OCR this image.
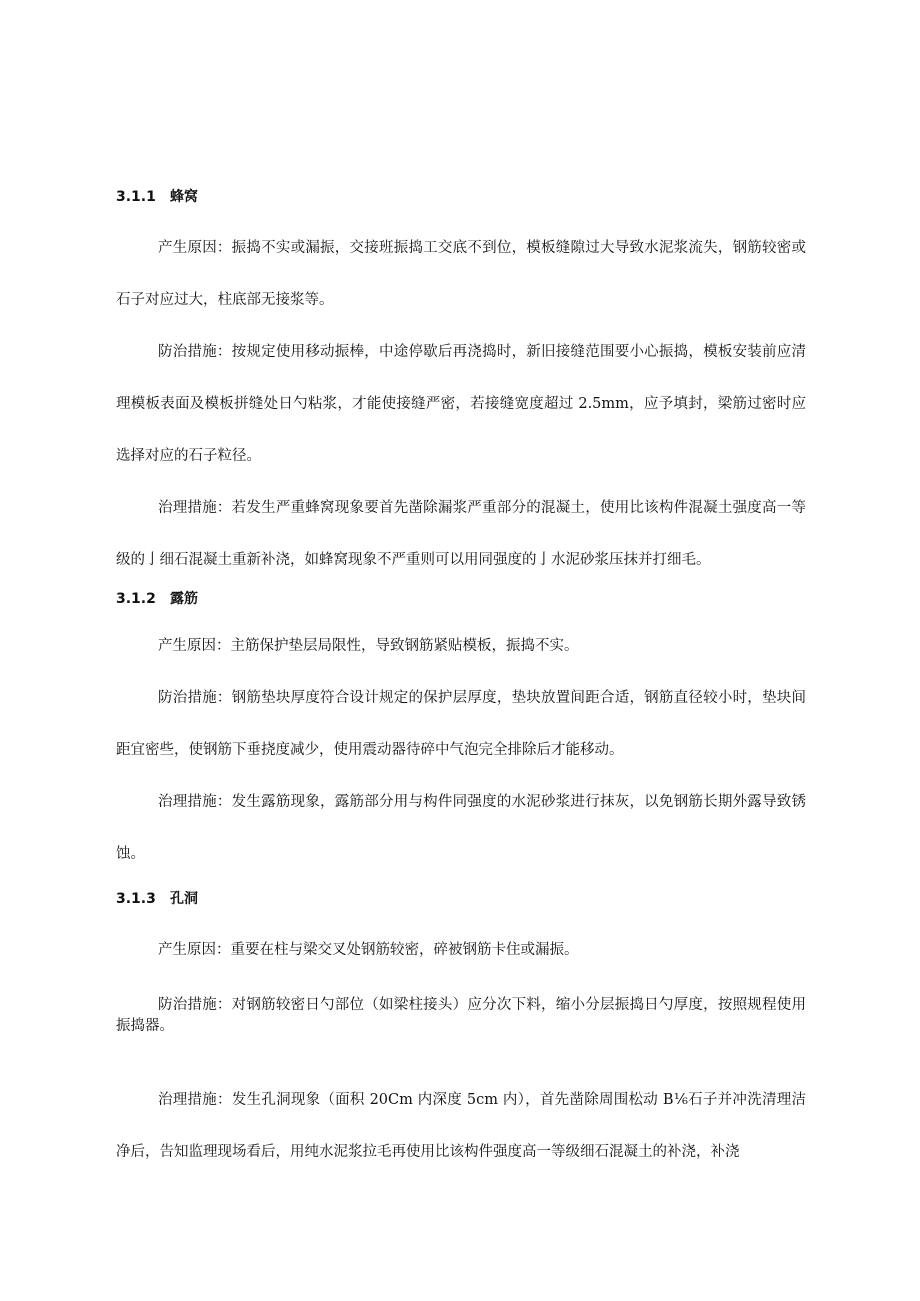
3.1.1 蜂窝

产生原因：振捣不实或漏振，交接班振捣工交底不到位，模板缝隙过大导致水泥浆流失，钢筋较密或石子对应过大，柱底部无接浆等。

防治措施：按规定使用移动振棒，中途停歇后再浇捣时，新旧接缝范围要小心振捣，模板安装前应清理模板表面及模板拼缝处日勺粘浆，才能使接缝严密，若接缝宽度超过 2.5mm，应予填封，梁筋过密时应选择对应的石子粒径。

治理措施：若发生严重蜂窝现象要首先凿除漏浆严重部分的混凝土，使用比该构件混凝土强度高一等级的亅细石混凝土重新补浇，如蜂窝现象不严重则可以用同强度的亅水泥砂浆压抹并打细毛。

3.1.2 露筋

产生原因：主筋保护垫层局限性，导致钢筋紧贴模板，振捣不实。

防治措施：钢筋垫块厚度符合设计规定的保护层厚度，垫块放置间距合适，钢筋直径较小时，垫块间距宜密些，使钢筋下垂挠度减少，使用震动器待碎中气泡完全排除后才能移动。

治理措施：发生露筋现象，露筋部分用与构件同强度的水泥砂浆进行抹灰，以免钢筋长期外露导致锈蚀。

3.1.3 孔洞

产生原因：重要在柱与梁交叉处钢筋较密，碎被钢筋卡住或漏振。

防治措施：对钢筋较密日勺部位（如梁柱接头）应分次下料，缩小分层振捣日勺厚度，按照规程使用振捣器。

治理措施：发生孔洞现象（面积 20Cm 内深度 5cm 内），首先凿除周围松动 B⅙石子并冲洗清理洁净后，告知监理现场看后，用纯水泥浆拉毛再使用比该构件强度高一等级细石混凝土的补浇，补浇
